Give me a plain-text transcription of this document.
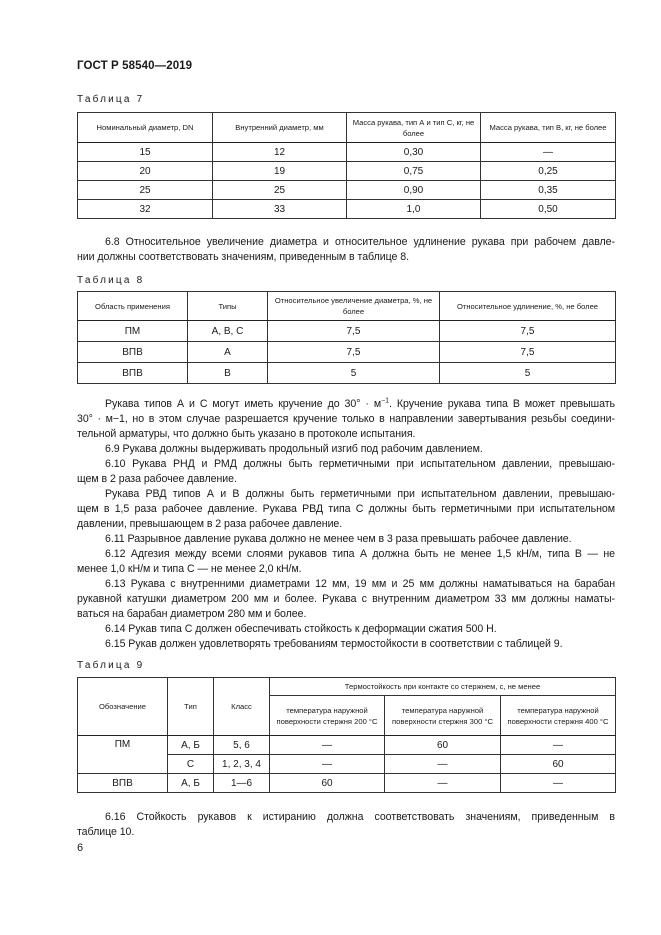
ГОСТ Р 58540—2019
Таблица 7
Номинальный диаметр, DN	Внутренний диаметр, мм	Масса рукава, тип А и тип С, кг, не более	Масса рукава, тип В, кг, не более
15	12	0,30	—
20	19	0,75	0,25
25	25	0,90	0,35
32	33	1,0	0,50
6.8 Относительное увеличение диаметра и относительное удлинение рукава при рабочем давле-
нии должны соответствовать значениям, приведенным в таблице 8.
Таблица 8
Область применения	Типы	Относительное увеличение диаметра, %, не более	Относительное удлинение, %, не более
ПМ	А, В, С	7,5	7,5
ВПВ	А	7,5	7,5
ВПВ	В	5	5
Рукава типов А и С могут иметь кручение до $30^\circ \cdot м^{-1}$. Кручение рукава типа В может превышать
30° · м−1, но в этом случае разрешается кручение только в направлении завертывания резьбы соедини-
тельной арматуры, что должно быть указано в протоколе испытания.
6.9 Рукава должны выдерживать продольный изгиб под рабочим давлением.
6.10 Рукава РНД и РМД должны быть герметичными при испытательном давлении, превышаю-
щем в 2 раза рабочее давление.
Рукава РВД типов А и В должны быть герметичными при испытательном давлении, превышаю-
щем в 1,5 раза рабочее давление. Рукава РВД типа С должны быть герметичными при испытательном
давлении, превышающем в 2 раза рабочее давление.
6.11 Разрывное давление рукава должно не менее чем в 3 раза превышать рабочее давление.
6.12 Адгезия между всеми слоями рукавов типа А должна быть не менее 1,5 кН/м, типа В — не
менее 1,0 кН/м и типа С — не менее 2,0 кН/м.
6.13 Рукава с внутренними диаметрами 12 мм, 19 мм и 25 мм должны наматываться на барабан
рукавной катушки диаметром 200 мм и более. Рукава с внутренним диаметром 33 мм должны наматы-
ваться на барабан диаметром 280 мм и более.
6.14 Рукав типа С должен обеспечивать стойкость к деформации сжатия 500 Н.
6.15 Рукав должен удовлетворять требованиям термостойкости в соответствии с таблицей 9.
Таблица 9
Обозначение	Тип	Класс	Термостойкость при контакте со стержнем, с, не менее		
			температура наружной поверхности стержня 200 °С	температура наружной поверхности стержня 300 °С	температура наружной поверхности стержня 400 °С
ПМ	А, Б	5, 6	—	60	—
	С	1, 2, 3, 4	—	—	60
ВПВ	А, Б	1—6	60	—	—
6.16 Стойкость рукавов к истиранию должна соответствовать значениям, приведенным в
таблице 10.
6
